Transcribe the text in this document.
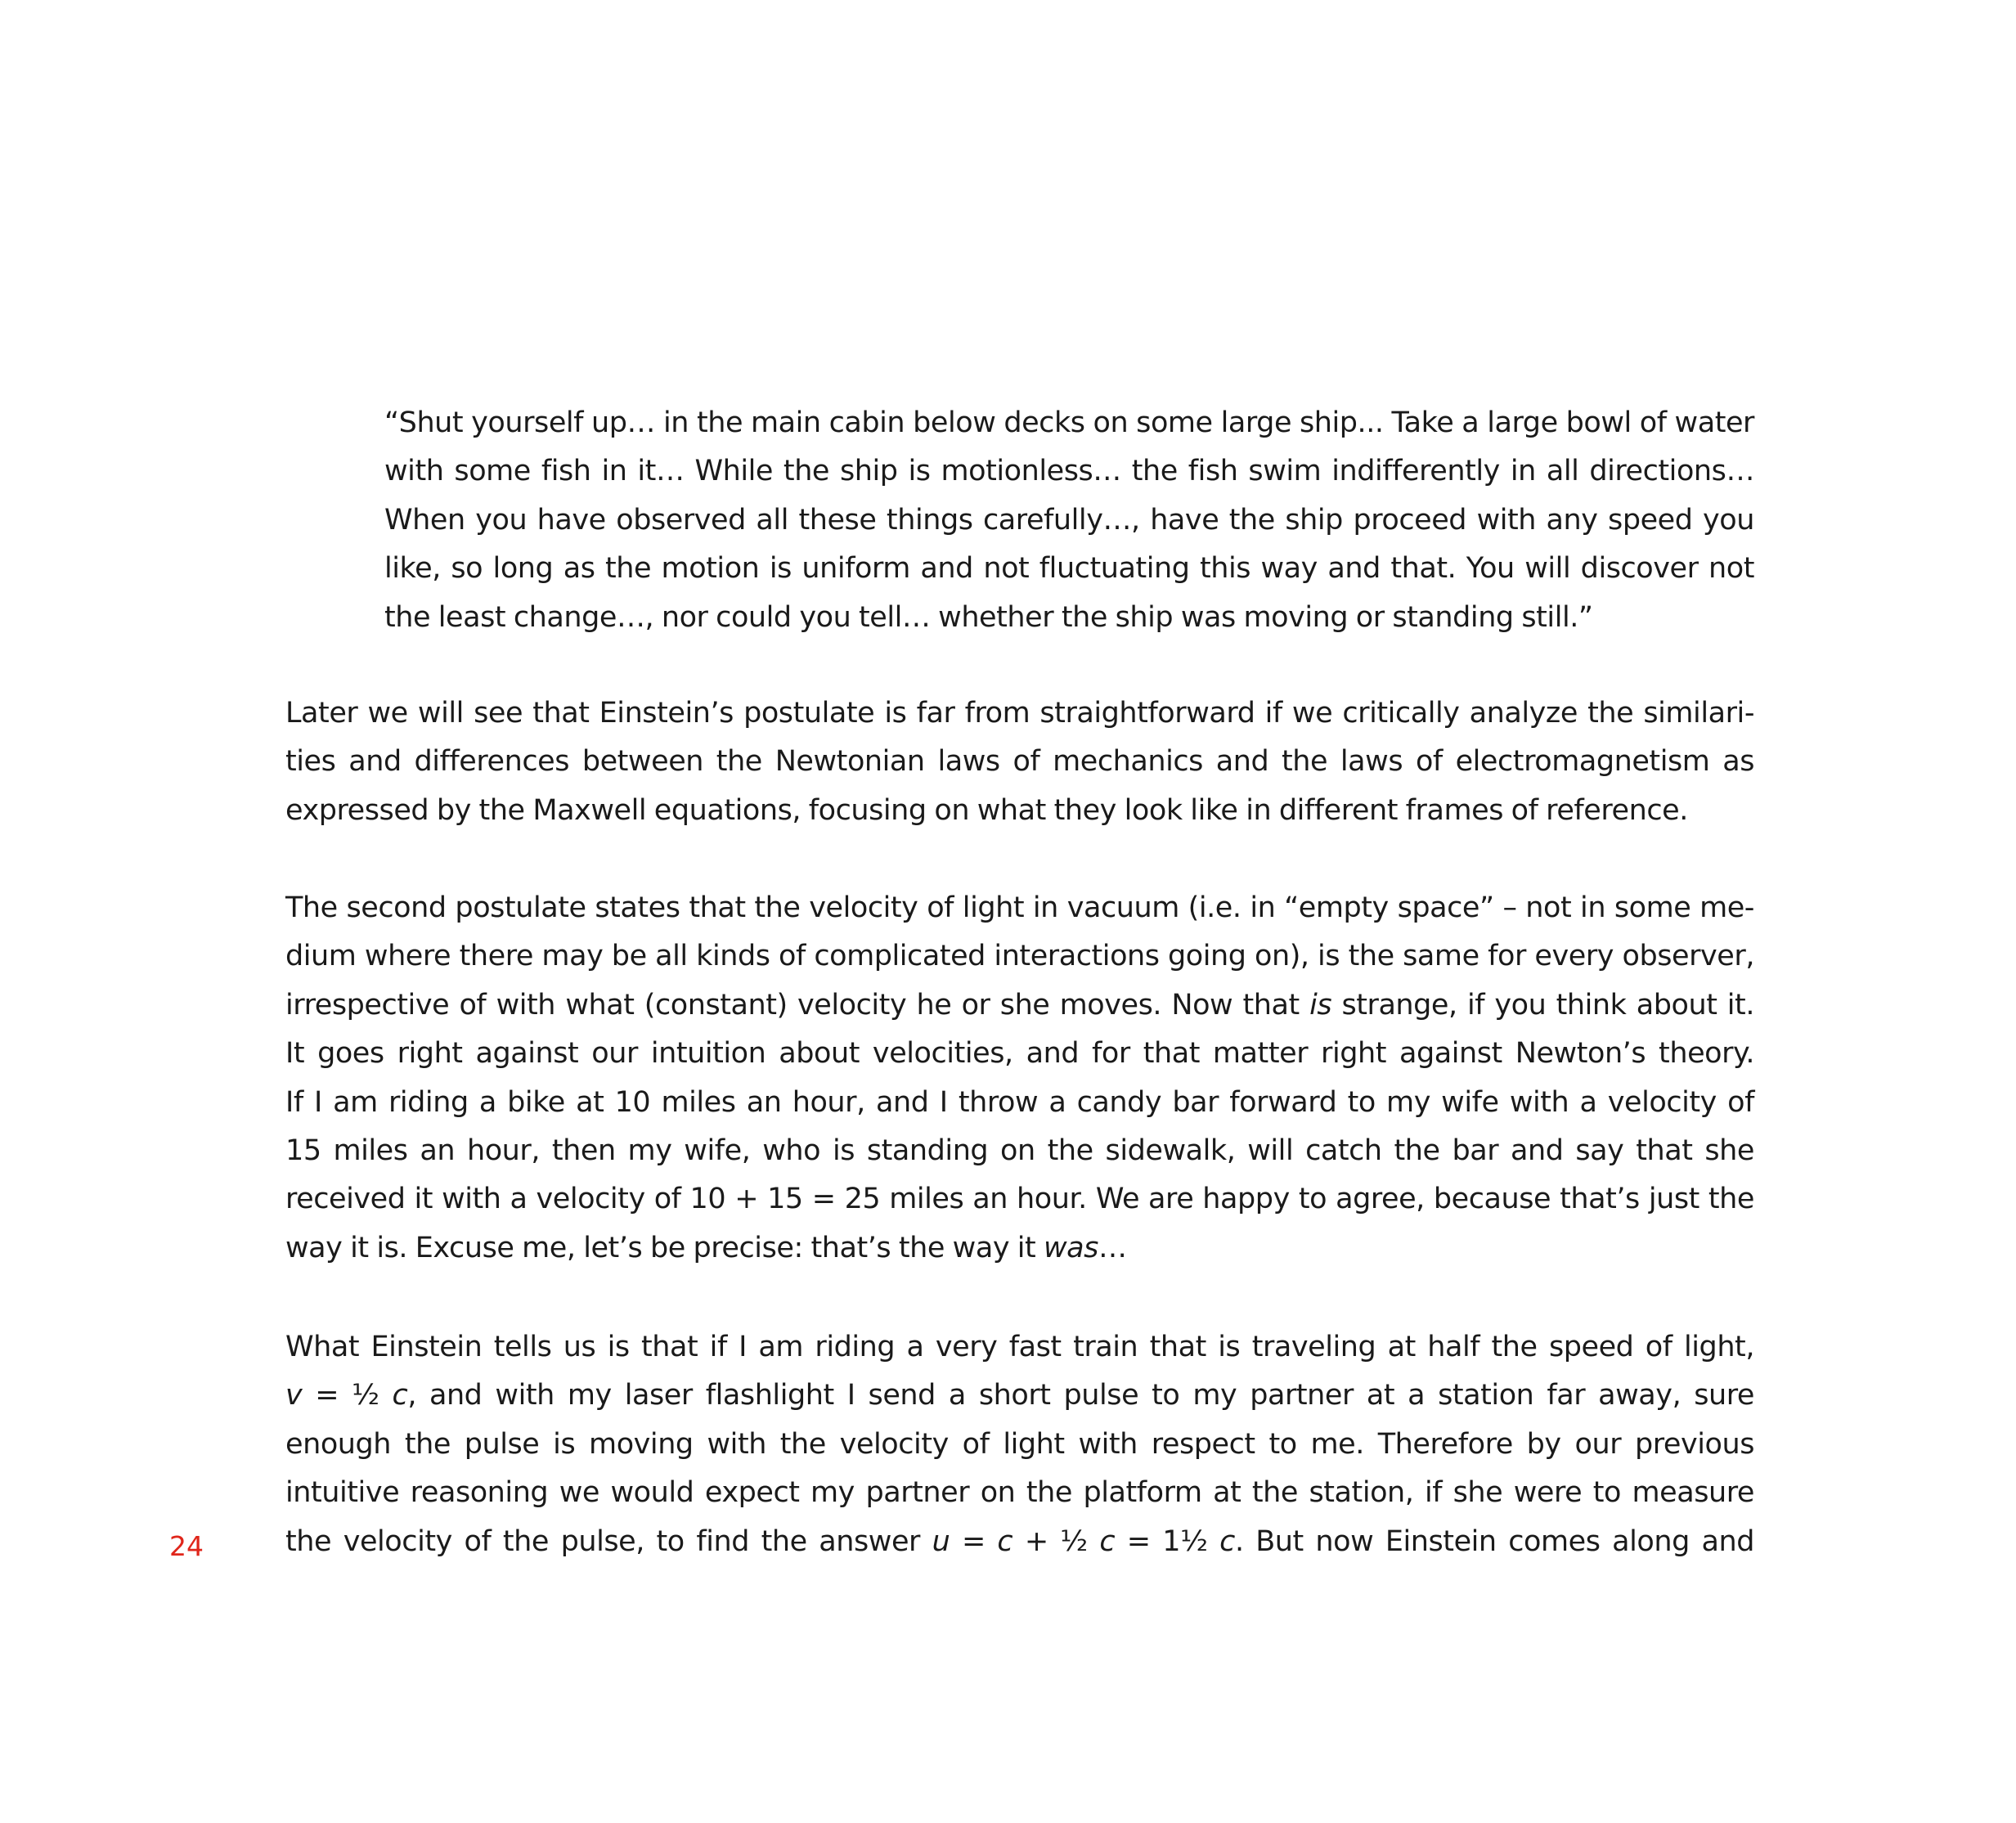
“Shut yourself up… in the main cabin below decks on some large ship... Take a large bowl of water
with some fish in it… While the ship is motionless… the fish swim indifferently in all directions…
When you have observed all these things carefully…, have the ship proceed with any speed you
like, so long as the motion is uniform and not fluctuating this way and that. You will discover not
the least change…, nor could you tell… whether the ship was moving or standing still.”
Later we will see that Einstein’s postulate is far from straightforward if we critically analyze the similari-
ties and differences between the Newtonian laws of mechanics and the laws of electromagnetism as
expressed by the Maxwell equations, focusing on what they look like in different frames of reference.
The second postulate states that the velocity of light in vacuum (i.e. in “empty space” – not in some me-
dium where there may be all kinds of complicated interactions going on), is the same for every observer,
irrespective of with what (constant) velocity he or she moves. Now that is strange, if you think about it.
It goes right against our intuition about velocities, and for that matter right against Newton’s theory.
If I am riding a bike at 10 miles an hour, and I throw a candy bar forward to my wife with a velocity of
15 miles an hour, then my wife, who is standing on the sidewalk, will catch the bar and say that she
received it with a velocity of 10 + 15 = 25 miles an hour. We are happy to agree, because that’s just the
way it is. Excuse me, let’s be precise: that’s the way it was…
What Einstein tells us is that if I am riding a very fast train that is traveling at half the speed of light,
v = ½ c, and with my laser flashlight I send a short pulse to my partner at a station far away, sure
enough the pulse is moving with the velocity of light with respect to me. Therefore by our previous
intuitive reasoning we would expect my partner on the platform at the station, if she were to measure
the velocity of the pulse, to find the answer u = c + ½ c = 1½ c. But now Einstein comes along and
24
